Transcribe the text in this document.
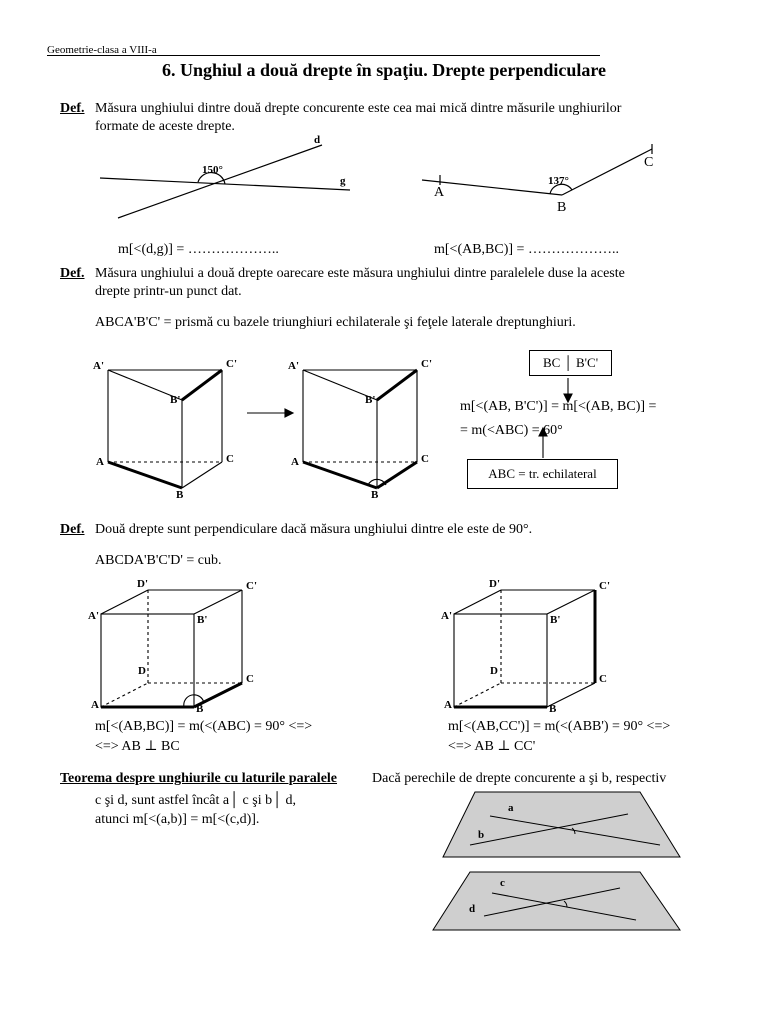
Geometrie-clasa a VIII-a
6. Unghiul a două drepte în spaţiu. Drepte perpendiculare
Def. Măsura unghiului dintre două drepte concurente este cea mai mică dintre măsurile unghiurilor
formate de aceste drepte.
150°
d
g	137°
A
B
C
m[<(d,g)] = ………………..	m[<(AB,BC)] = ………………..
Def. Măsura unghiului a două drepte oarecare este măsura unghiului dintre paralelele duse la aceste
drepte printr-un punct dat.
ABCA'B'C' = prismă cu bazele triunghiuri echilaterale şi feţele laterale dreptunghiuri.
A'	C'
B'
A	C
B
A'	C'
B'
A	C
B
BC │ B'C'
m[<(AB, B'C')] = m[<(AB, BC)] =
= m(<ABC) = 60°
ABC = tr. echilateral
Def. Două drepte sunt perpendiculare dacă măsura unghiului dintre ele este de 90°.
ABCDA'B'C'D' = cub.
D'	C'
A'	B'
D
C
A	B
D'	C'
A'	B'
D
C
A	B
m[<(AB,BC)] = m(<(ABC) = 90° <=>
<=> AB ⊥ BC
m[<(AB,CC')] = m(<(ABB') = 90° <=>
<=> AB ⊥ CC'
Teorema despre unghiurile cu laturile paralele Dacă perechile de drepte concurente a şi b, respectiv
c şi d, sunt astfel încât a│ c şi b│ d,
atunci m[<(a,b)] = m[<(c,d)].
a
b
c
d
